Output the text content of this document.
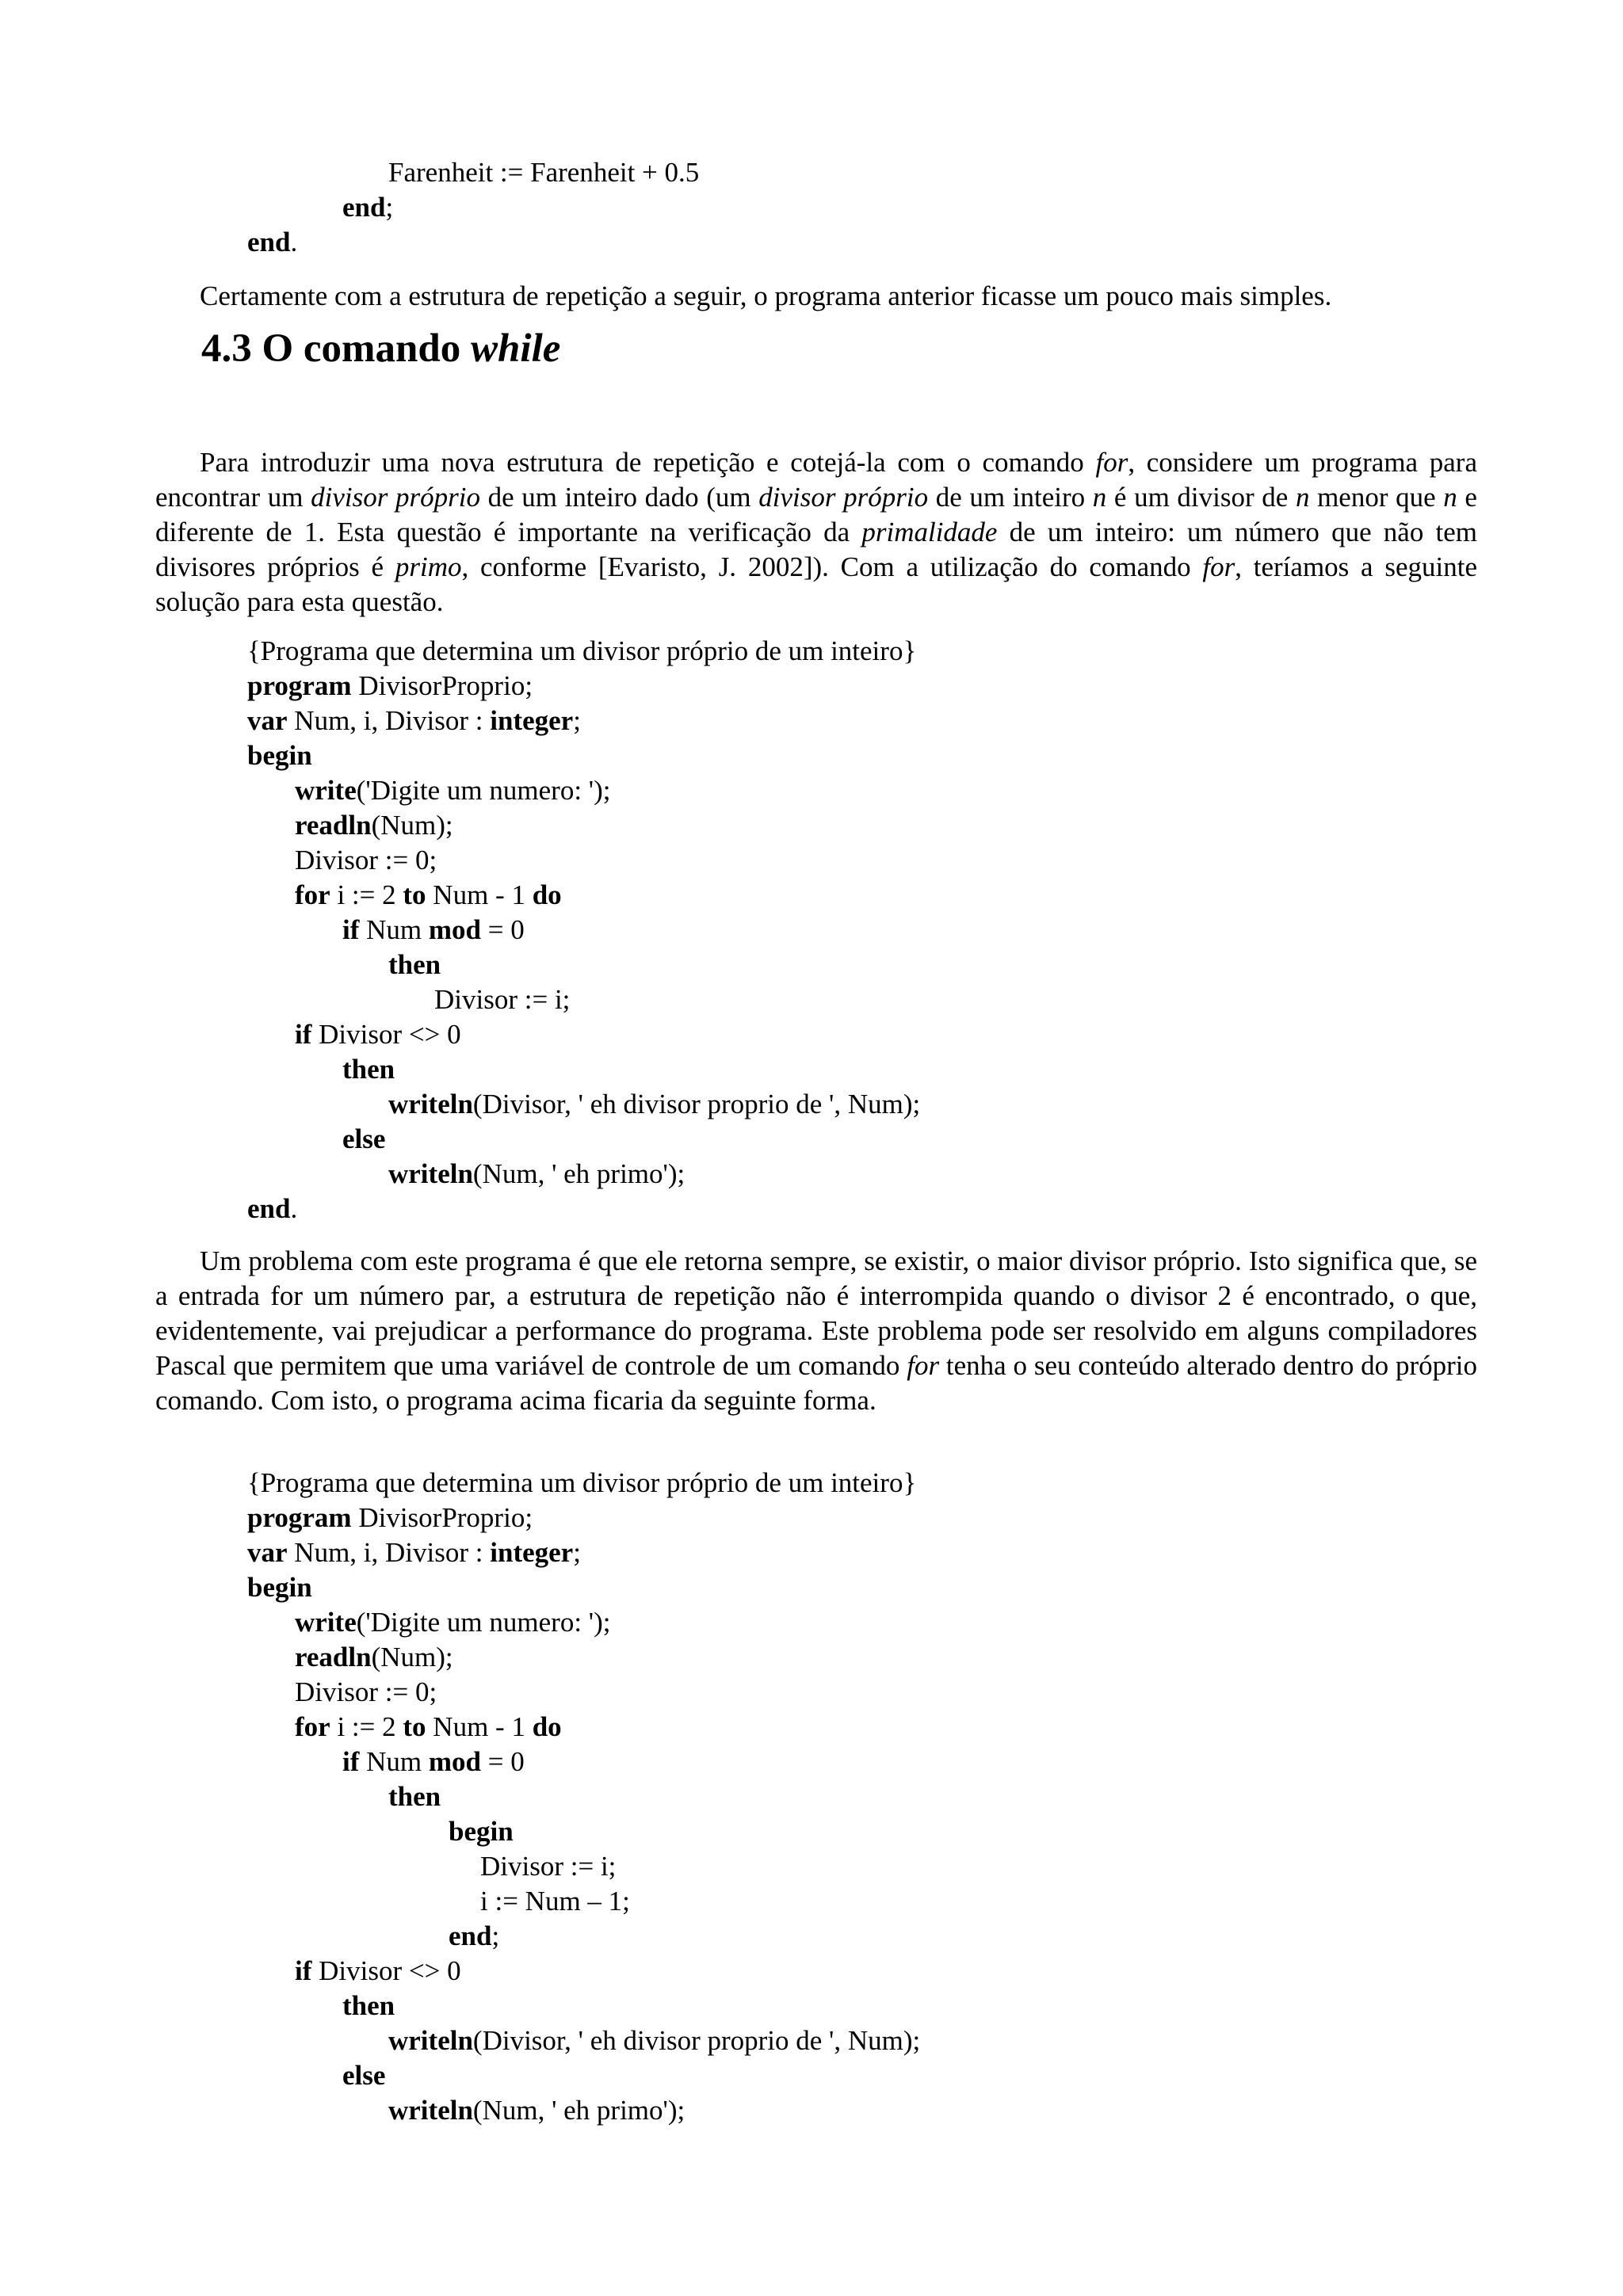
Farenheit := Farenheit + 0.5
end;
end.

Certamente com a estrutura de repetição a seguir, o programa anterior ficasse um pouco mais simples.

4.3 O comando while

Para introduzir uma nova estrutura de repetição e cotejá-la com o comando for, considere um programa para encontrar um divisor próprio de um inteiro dado (um divisor próprio de um inteiro n é um divisor de n menor que n e diferente de 1. Esta questão é importante na verificação da primalidade de um inteiro: um número que não tem divisores próprios é primo, conforme [Evaristo, J. 2002]). Com a utilização do comando for, teríamos a seguinte solução para esta questão.

{Programa que determina um divisor próprio de um inteiro}
program DivisorProprio;
var Num, i, Divisor : integer;
begin
write('Digite um numero: ');
readln(Num);
Divisor := 0;
for i := 2 to Num - 1 do
if Num mod = 0
then
Divisor := i;
if Divisor <> 0
then
writeln(Divisor, ' eh divisor proprio de ', Num);
else
writeln(Num, ' eh primo');
end.

Um problema com este programa é que ele retorna sempre, se existir, o maior divisor próprio. Isto significa que, se a entrada for um número par, a estrutura de repetição não é interrompida quando o divisor 2 é encontrado, o que, evidentemente, vai prejudicar a performance do programa. Este problema pode ser resolvido em alguns compiladores Pascal que permitem que uma variável de controle de um comando for tenha o seu conteúdo alterado dentro do próprio comando. Com isto, o programa acima ficaria da seguinte forma.

{Programa que determina um divisor próprio de um inteiro}
program DivisorProprio;
var Num, i, Divisor : integer;
begin
write('Digite um numero: ');
readln(Num);
Divisor := 0;
for i := 2 to Num - 1 do
if Num mod = 0
then
begin
Divisor := i;
i := Num – 1;
end;
if Divisor <> 0
then
writeln(Divisor, ' eh divisor proprio de ', Num);
else
writeln(Num, ' eh primo');
